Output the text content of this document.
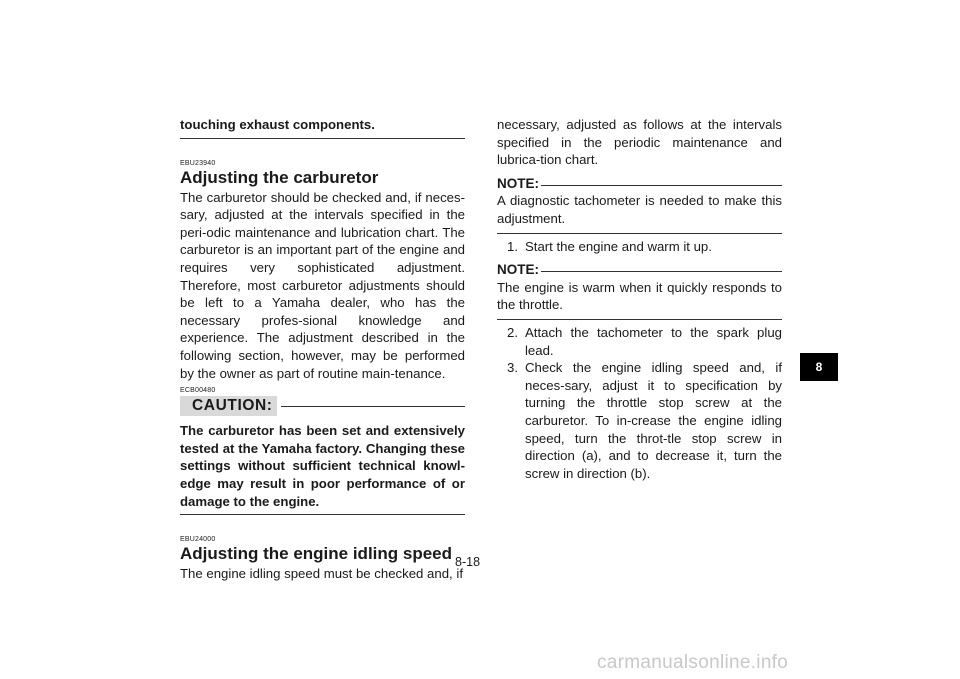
touching exhaust components.

EBU23940

Adjusting the carburetor

The carburetor should be checked and, if neces-sary, adjusted at the intervals specified in the peri-odic maintenance and lubrication chart. The carburetor is an important part of the engine and requires very sophisticated adjustment. Therefore, most carburetor adjustments should be left to a Yamaha dealer, who has the necessary profes-sional knowledge and experience. The adjustment described in the following section, however, may be performed by the owner as part of routine main-tenance.

ECB00480

CAUTION:

The carburetor has been set and extensively tested at the Yamaha factory. Changing these settings without sufficient technical knowl-edge may result in poor performance of or damage to the engine.

EBU24000

Adjusting the engine idling speed

The engine idling speed must be checked and, if

necessary, adjusted as follows at the intervals specified in the periodic maintenance and lubrica-tion chart.

NOTE:

A diagnostic tachometer is needed to make this adjustment.

1. Start the engine and warm it up.
NOTE:

The engine is warm when it quickly responds to the throttle.

2. Attach the tachometer to the spark plug lead.
3. Check the engine idling speed and, if neces-sary, adjust it to specification by turning the throttle stop screw at the carburetor. To in-crease the engine idling speed, turn the throt-tle stop screw in direction (a), and to decrease it, turn the screw in direction (b).
8
8-18
carmanualsonline.info
